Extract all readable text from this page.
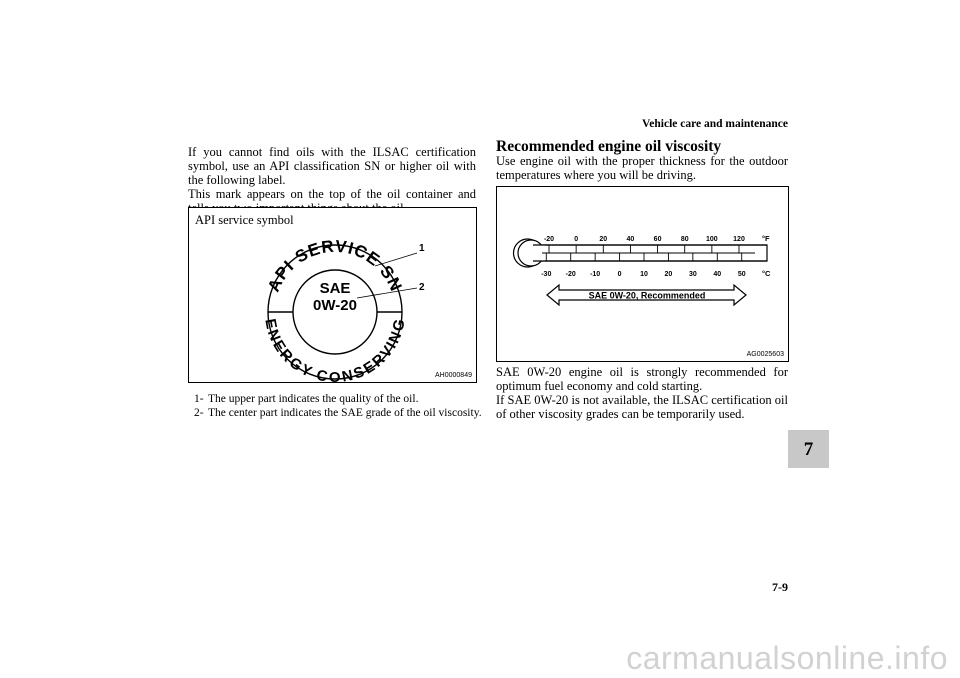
Vehicle care and maintenance
If you cannot find oils with the ILSAC certification symbol, use an API classification SN or higher oil with the following label.
This mark appears on the top of the oil container and
API service symbol
API SERVICE SN
ENERGY CONSERVING
SAE
0W-20
1
2
AH0000849
1- The upper part indicates the quality of the oil.
2- The center part indicates the SAE grade of the oil viscosity.
Recommended engine oil viscosity
Use engine oil with the proper thickness for the outdoor temperatures where you will be driving.
-20	0	20	40	60	80 100 120
-30 -20 -10 0	10 20 30 40 50
°F
°C
SAE 0W-20, Recommended
AG0025603
SAE 0W-20 engine oil is strongly recommended for optimum fuel economy and cold starting.
If SAE 0W-20 is not available, the ILSAC certification oil of other viscosity grades can be temporarily used.
7
7-9
carmanualsonline.info
